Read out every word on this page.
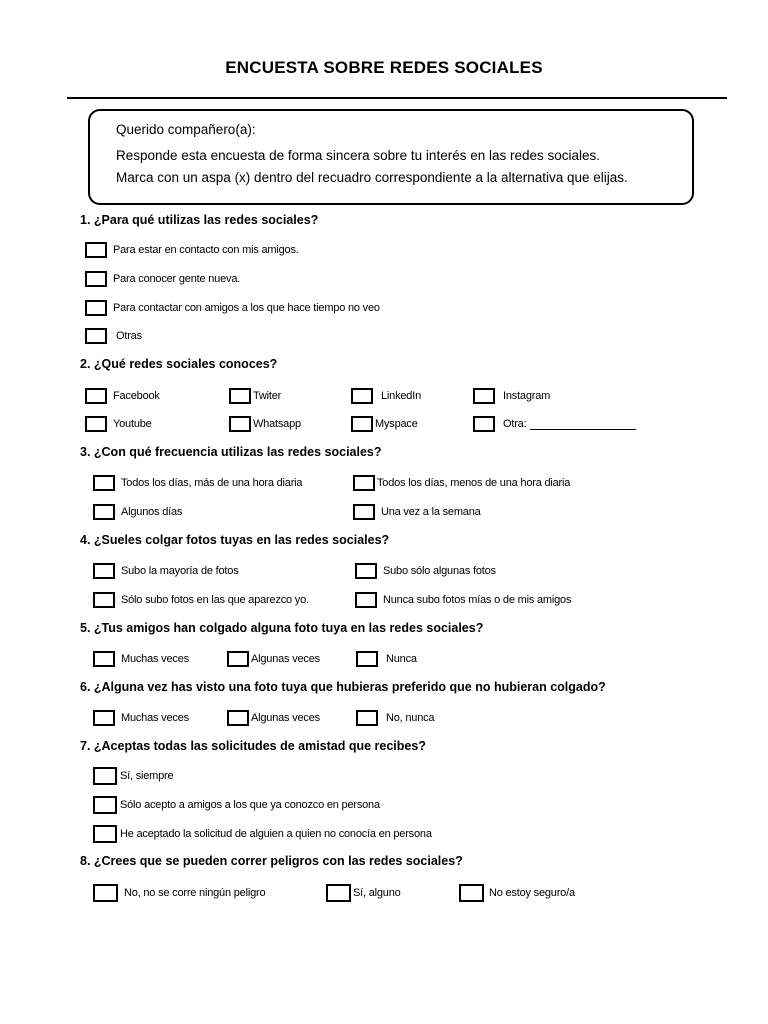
ENCUESTA SOBRE REDES SOCIALES
Querido compañero(a):
Responde esta encuesta de forma sincera sobre tu interés en las redes sociales.
Marca con un aspa (x) dentro del recuadro correspondiente a la alternativa que elijas.
1. ¿Para qué utilizas las redes sociales?
Para estar en contacto con mis amigos.
Para conocer gente nueva.
Para contactar con amigos a los que hace tiempo no veo
Otras
2. ¿Qué redes sociales conoces?
Facebook	Twiter	LinkedIn	Instagram
Youtube	Whatsapp	Myspace	Otra:
3. ¿Con qué frecuencia utilizas las redes sociales?
Todos los días, más de una hora diaria	Todos los días, menos de una hora diaria
Algunos días	Una vez a la semana
4. ¿Sueles colgar fotos tuyas en las redes sociales?
Subo la mayoría de fotos	Subo sólo algunas fotos
Sólo subo fotos en las que aparezco yo.	Nunca subo fotos mías o de mis amigos
5. ¿Tus amigos han colgado alguna foto tuya en las redes sociales?
Muchas veces	Algunas veces	Nunca
6. ¿Alguna vez has visto una foto tuya que hubieras preferido que no hubieran colgado?
Muchas veces	Algunas veces	No, nunca
7. ¿Aceptas todas las solicitudes de amistad que recibes?
Sí, siempre
Sólo acepto a amigos a los que ya conozco en persona
He aceptado la solicitud de alguien a quien no conocía en persona
8. ¿Crees que se pueden correr peligros con las redes sociales?
No, no se corre ningún peligro	Sí, alguno	No estoy seguro/a
